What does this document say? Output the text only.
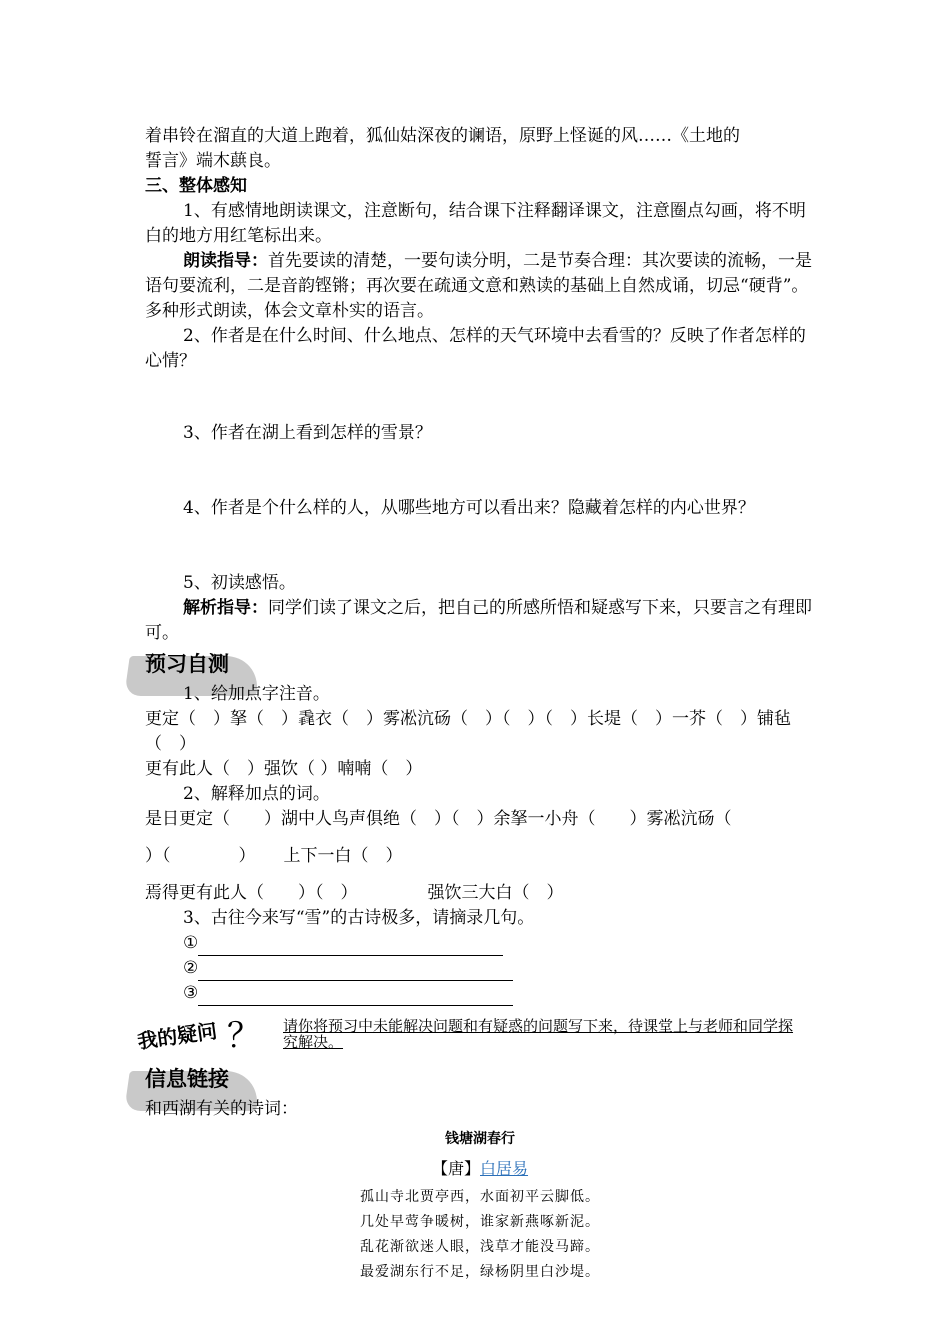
着串铃在溜直的大道上跑着，狐仙姑深夜的谰语，原野上怪诞的风……《土地的

誓言》端木蕻良。

三、整体感知

1、有感情地朗读课文，注意断句，结合课下注释翻译课文，注意圈点勾画，将不明白的地方用红笔标出来。

朗读指导：首先要读的清楚，一要句读分明，二是节奏合理：其次要读的流畅，一是语句要流利，二是音韵铿锵；再次要在疏通文意和熟读的基础上自然成诵，切忌“硬背”。多种形式朗读，体会文章朴实的语言。

2、作者是在什么时间、什么地点、怎样的天气环境中去看雪的？反映了作者怎样的心情？

3、作者在湖上看到怎样的雪景？

4、作者是个什么样的人，从哪些地方可以看出来？隐藏着怎样的内心世界？

5、初读感悟。

解析指导：同学们读了课文之后，把自己的所感所悟和疑惑写下来，只要言之有理即可。

预习自测

1、给加点字注音。

更定（　）拏（　）毳衣（　）雾凇沆砀（　）（　）（　）长堤（　）一芥（　）铺毡（　）

更有此人（　）强饮（ ）喃喃（　）

2、解释加点的词。

是日更定（　　）湖中人鸟声俱绝（　）（　）余拏一小舟（　　）雾凇沆砀（

）（　　　　） 上下一白（　）

焉得更有此人（　　）（　）	强饮三大白（　）

3、古往今来写“雪”的古诗极多，请摘录几句。

①

②

③

我的疑问 ？ 请你将预习中未能解决问题和有疑惑的问题写下来，待课堂上与老师和同学探究解决。
信息链接

和西湖有关的诗词：

钱塘湖春行
【唐】白居易
孤山寺北贾亭西，水面初平云脚低。
几处早莺争暖树，谁家新燕啄新泥。
乱花渐欲迷人眼，浅草才能没马蹄。
最爱湖东行不足，绿杨阴里白沙堤。
